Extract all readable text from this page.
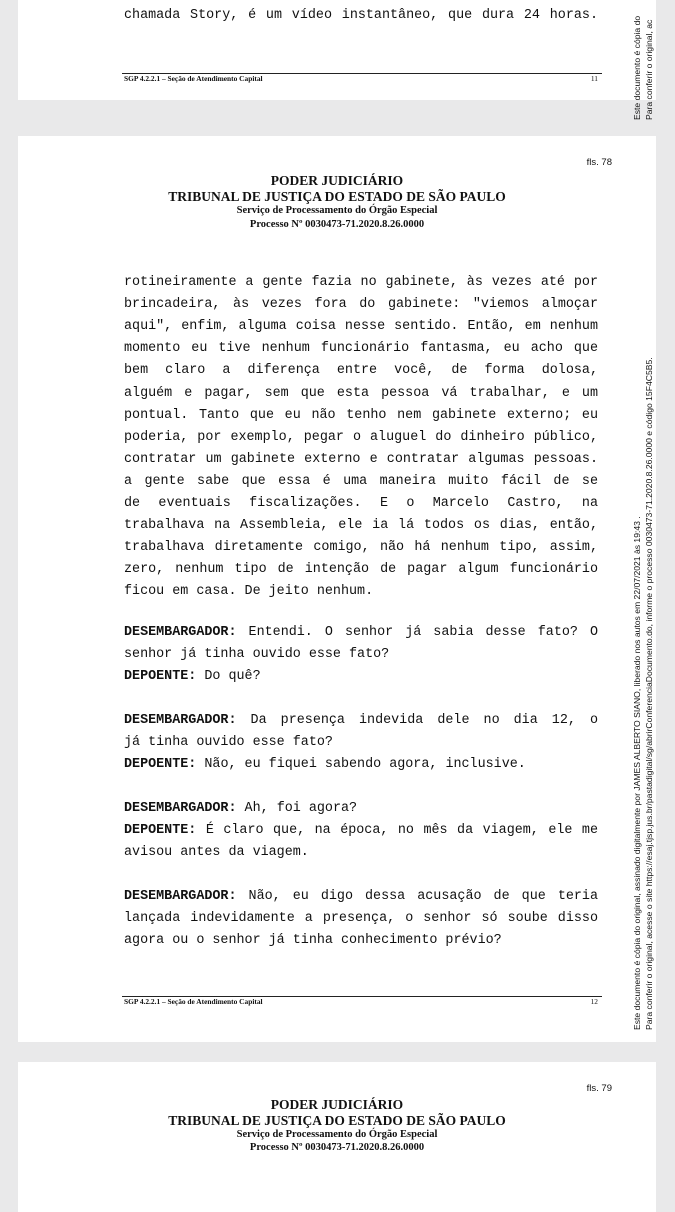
chamada Story, é um vídeo instantâneo, que dura 24 horas.
SGP 4.2.2.1 – Seção de Atendimento Capital	11	Este documento é cópia do Para conferir o original, ac
fls. 78
PODER JUDICIÁRIO
TRIBUNAL DE JUSTIÇA DO ESTADO DE SÃO PAULO
Serviço de Processamento do Órgão Especial
Processo Nº 0030473-71.2020.8.26.0000
rotineiramente a gente fazia no gabinete, às vezes até por
brincadeira, às vezes fora do gabinete: "viemos almoçar
aqui", enfim, alguma coisa nesse sentido. Então, em nenhum
momento eu tive nenhum funcionário fantasma, eu acho que
bem claro a diferença entre você, de forma dolosa,
alguém e pagar, sem que esta pessoa vá trabalhar, e um
pontual. Tanto que eu não tenho nem gabinete externo; eu
poderia, por exemplo, pegar o aluguel do dinheiro público,
contratar um gabinete externo e contratar algumas pessoas.
a gente sabe que essa é uma maneira muito fácil de se
de eventuais fiscalizações. E o Marcelo Castro, na
trabalhava na Assembleia, ele ia lá todos os dias, então,
trabalhava diretamente comigo, não há nenhum tipo, assim,
zero, nenhum tipo de intenção de pagar algum funcionário
ficou em casa. De jeito nenhum.
DESEMBARGADOR: Entendi. O senhor já sabia desse fato? O
senhor já tinha ouvido esse fato?
DEPOENTE: Do quê?
DESEMBARGADOR: Da presença indevida dele no dia 12, o
já tinha ouvido esse fato?
DEPOENTE: Não, eu fiquei sabendo agora, inclusive.
DESEMBARGADOR: Ah, foi agora?
DEPOENTE: É claro que, na época, no mês da viagem, ele me
avisou antes da viagem.
DESEMBARGADOR: Não, eu digo dessa acusação de que teria
lançada indevidamente a presença, o senhor só soube disso
agora ou o senhor já tinha conhecimento prévio?
SGP 4.2.2.1 – Seção de Atendimento Capital	12	Este documento é cópia do original, assinado digitalmente por JAMES ALBERTO SIANO, liberado nos autos em 22/07/2021 às 19:43 . Para conferir o original, acesse o site https://esaj.tjsp.jus.br/pastadigital/sg/abrirConferenciaDocumento.do, informe o processo 0030473-71.2020.8.26.0000 e código 15F4C5B5.
fls. 79
PODER JUDICIÁRIO
TRIBUNAL DE JUSTIÇA DO ESTADO DE SÃO PAULO
Serviço de Processamento do Órgão Especial
Processo Nº 0030473-71.2020.8.26.0000
